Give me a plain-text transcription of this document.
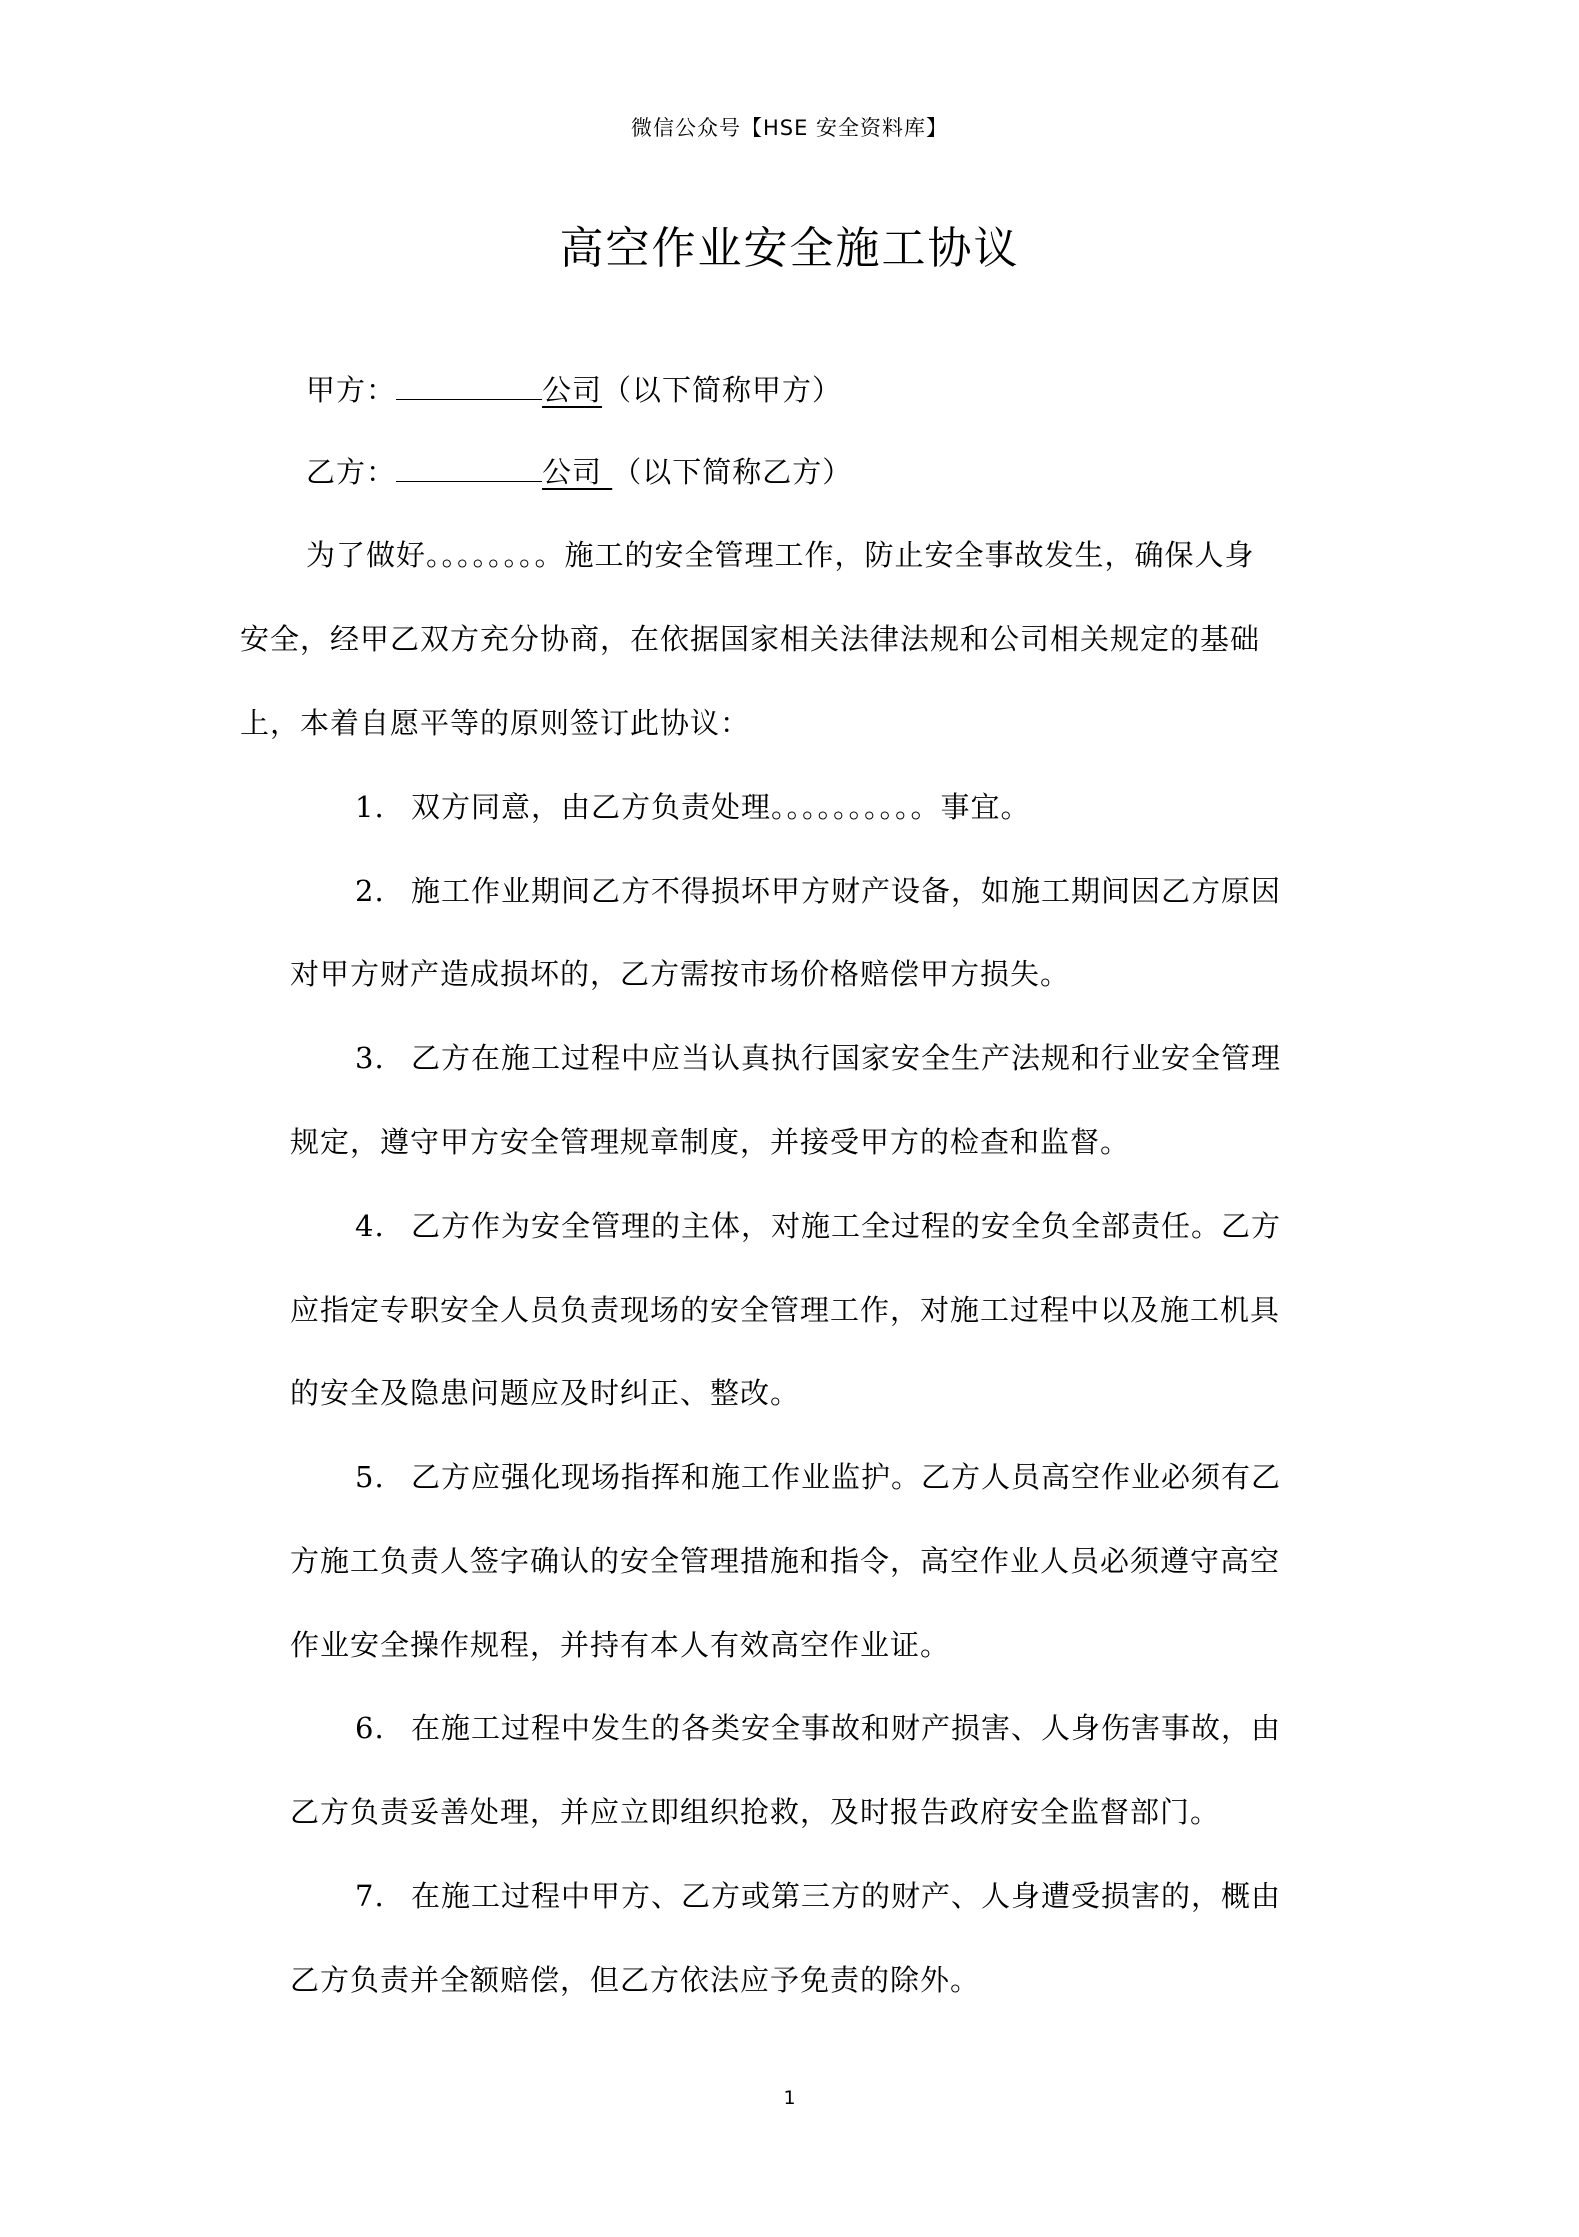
微信公众号【HSE 安全资料库】
高空作业安全施工协议
甲方：	公司（以下简称甲方）
乙方：	公司 （以下简称乙方）
为了做好。。。。。。。。施工的安全管理工作，防止安全事故发生，确保人身
安全，经甲乙双方充分协商，在依据国家相关法律法规和公司相关规定的基础
上，本着自愿平等的原则签订此协议：
1. 双方同意，由乙方负责处理。。。。。。。。。。事宜。
2. 施工作业期间乙方不得损坏甲方财产设备，如施工期间因乙方原因
对甲方财产造成损坏的，乙方需按市场价格赔偿甲方损失。
3. 乙方在施工过程中应当认真执行国家安全生产法规和行业安全管理
规定，遵守甲方安全管理规章制度，并接受甲方的检查和监督。
4. 乙方作为安全管理的主体，对施工全过程的安全负全部责任。乙方
应指定专职安全人员负责现场的安全管理工作，对施工过程中以及施工机具
的安全及隐患问题应及时纠正、整改。
5. 乙方应强化现场指挥和施工作业监护。乙方人员高空作业必须有乙
方施工负责人签字确认的安全管理措施和指令，高空作业人员必须遵守高空
作业安全操作规程，并持有本人有效高空作业证。
6. 在施工过程中发生的各类安全事故和财产损害、人身伤害事故，由
乙方负责妥善处理，并应立即组织抢救，及时报告政府安全监督部门。
7. 在施工过程中甲方、乙方或第三方的财产、人身遭受损害的，概由
乙方负责并全额赔偿，但乙方依法应予免责的除外。
1
